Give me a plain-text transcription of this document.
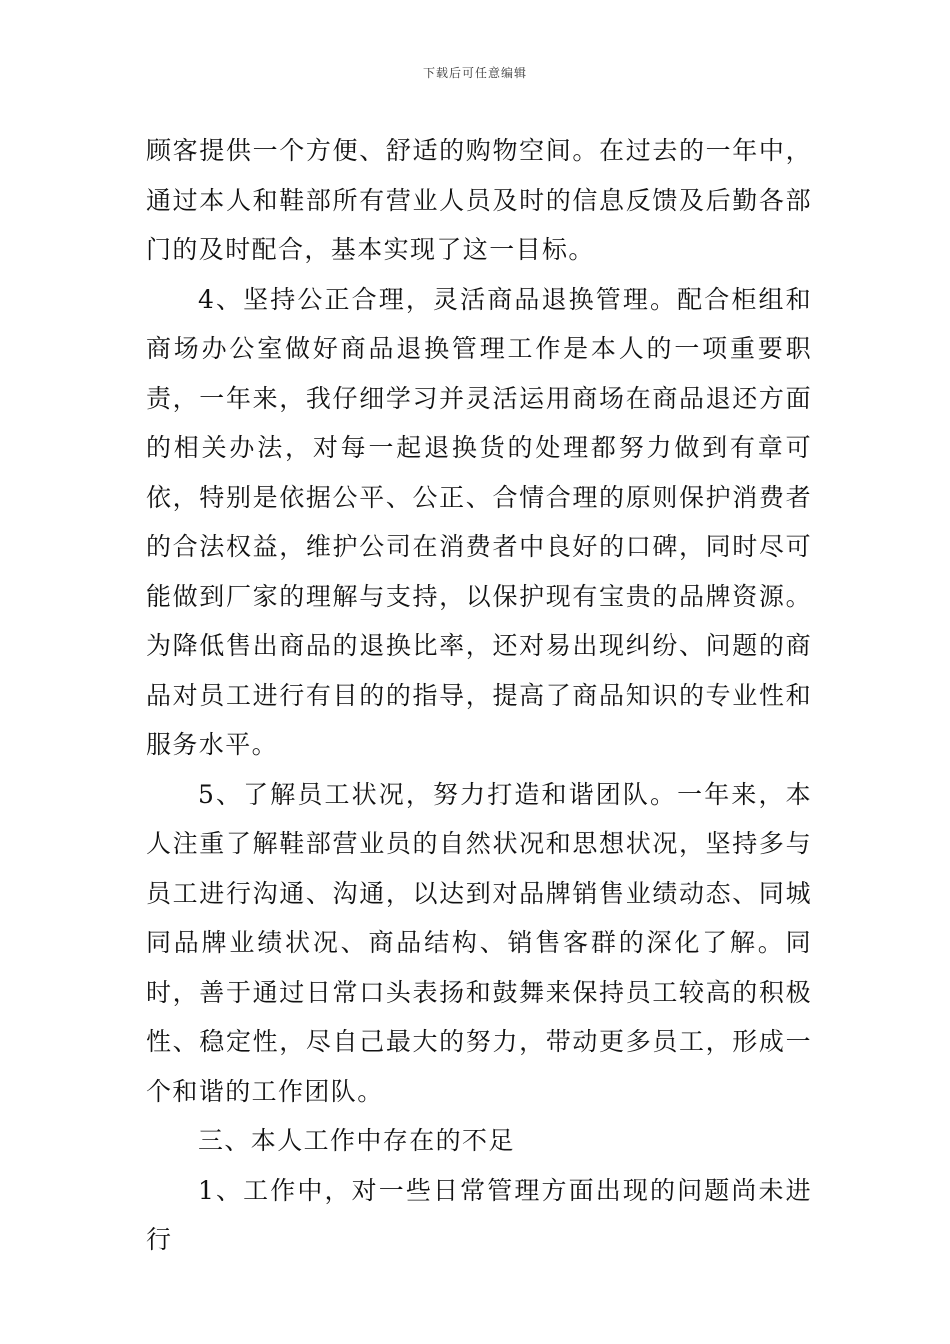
下载后可任意编辑

顾客提供一个方便、舒适的购物空间。在过去的一年中，通过本人和鞋部所有营业人员及时的信息反馈及后勤各部门的及时配合，基本实现了这一目标。

4、坚持公正合理，灵活商品退换管理。配合柜组和商场办公室做好商品退换管理工作是本人的一项重要职责，一年来，我仔细学习并灵活运用商场在商品退还方面的相关办法，对每一起退换货的处理都努力做到有章可依，特别是依据公平、公正、合情合理的原则保护消费者的合法权益，维护公司在消费者中良好的口碑，同时尽可能做到厂家的理解与支持，以保护现有宝贵的品牌资源。为降低售出商品的退换比率，还对易出现纠纷、问题的商品对员工进行有目的的指导，提高了商品知识的专业性和服务水平。

5、了解员工状况，努力打造和谐团队。一年来，本人注重了解鞋部营业员的自然状况和思想状况，坚持多与员工进行沟通、沟通，以达到对品牌销售业绩动态、同城同品牌业绩状况、商品结构、销售客群的深化了解。同时，善于通过日常口头表扬和鼓舞来保持员工较高的积极性、稳定性，尽自己最大的努力，带动更多员工，形成一个和谐的工作团队。

三、本人工作中存在的不足

1、工作中，对一些日常管理方面出现的问题尚未进行
